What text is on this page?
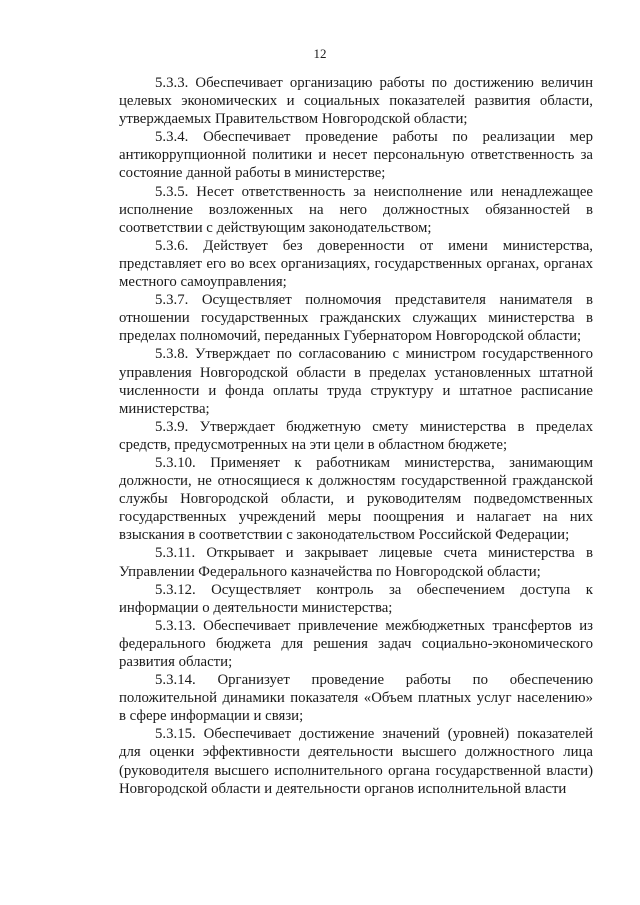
12

5.3.3. Обеспечивает организацию работы по достижению величин целевых экономических и социальных показателей развития области, утверждаемых Правительством Новгородской области;

5.3.4. Обеспечивает проведение работы по реализации мер антикоррупционной политики и несет персональную ответственность за состояние данной работы в министерстве;

5.3.5. Несет ответственность за неисполнение или ненадлежащее исполнение возложенных на него должностных обязанностей в соответствии с действующим законодательством;

5.3.6. Действует без доверенности от имени министерства, представляет его во всех организациях, государственных органах, органах местного самоуправления;

5.3.7. Осуществляет полномочия представителя нанимателя в отношении государственных гражданских служащих министерства в пределах полномочий, переданных Губернатором Новгородской области;

5.3.8. Утверждает по согласованию с министром государственного управления Новгородской области в пределах установленных штатной численности и фонда оплаты труда структуру и штатное расписание министерства;

5.3.9. Утверждает бюджетную смету министерства в пределах средств, предусмотренных на эти цели в областном бюджете;

5.3.10. Применяет к работникам министерства, занимающим должности, не относящиеся к должностям государственной гражданской службы Новгородской области, и руководителям подведомственных государственных учреждений меры поощрения и налагает на них взыскания в соответствии с законодательством Российской Федерации;

5.3.11. Открывает и закрывает лицевые счета министерства в Управлении Федерального казначейства по Новгородской области;

5.3.12. Осуществляет контроль за обеспечением доступа к информации о деятельности министерства;

5.3.13. Обеспечивает привлечение межбюджетных трансфертов из федерального бюджета для решения задач социально-экономического развития области;

5.3.14. Организует проведение работы по обеспечению положительной динамики показателя «Объем платных услуг населению» в сфере информации и связи;

5.3.15. Обеспечивает достижение значений (уровней) показателей для оценки эффективности деятельности высшего должностного лица (руководителя высшего исполнительного органа государственной власти) Новгородской области и деятельности органов исполнительной власти
